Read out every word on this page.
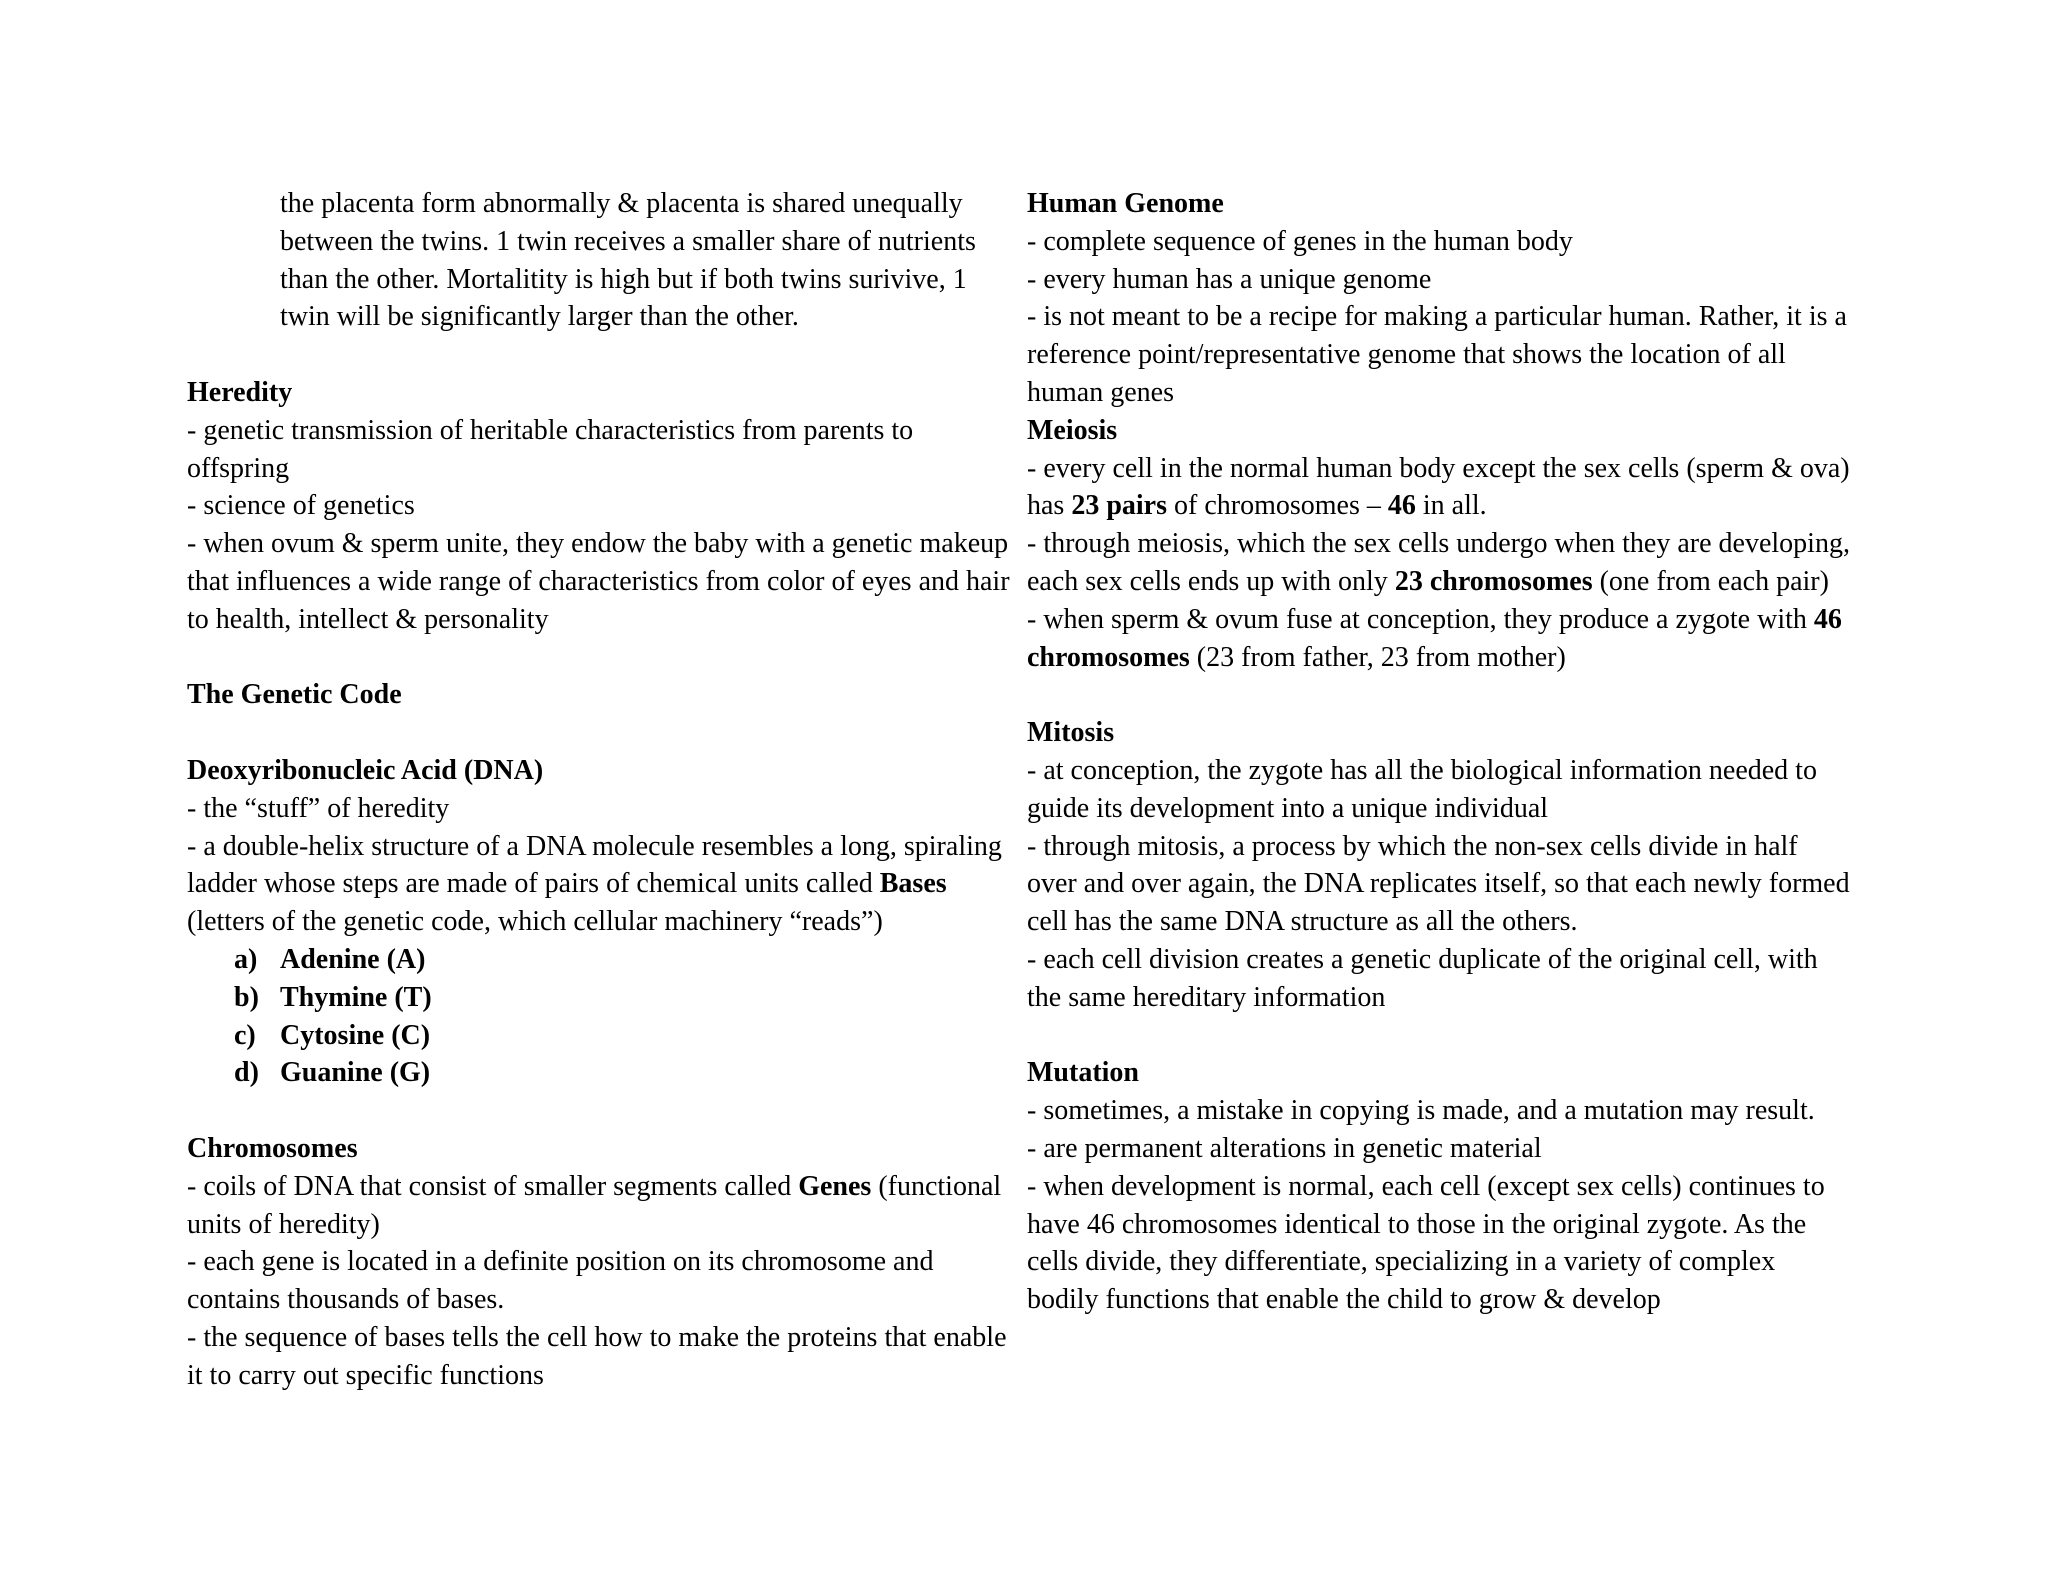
the placenta form abnormally & placenta is shared unequally
between the twins. 1 twin receives a smaller share of nutrients
than the other. Mortalitity is high but if both twins surivive, 1
twin will be significantly larger than the other.
Heredity
- genetic transmission of heritable characteristics from parents to
offspring
- science of genetics
- when ovum & sperm unite, they endow the baby with a genetic makeup
that influences a wide range of characteristics from color of eyes and hair
to health, intellect & personality
The Genetic Code
Deoxyribonucleic Acid (DNA)
- the “stuff” of heredity
- a double-helix structure of a DNA molecule resembles a long, spiraling
ladder whose steps are made of pairs of chemical units called Bases
(letters of the genetic code, which cellular machinery “reads”)
a) Adenine (A)
b) Thymine (T)
c) Cytosine (C)
d) Guanine (G)
Chromosomes
- coils of DNA that consist of smaller segments called Genes (functional
units of heredity)
- each gene is located in a definite position on its chromosome and
contains thousands of bases.
- the sequence of bases tells the cell how to make the proteins that enable
it to carry out specific functions
Human Genome
- complete sequence of genes in the human body
- every human has a unique genome
- is not meant to be a recipe for making a particular human. Rather, it is a
reference point/representative genome that shows the location of all
human genes
Meiosis
- every cell in the normal human body except the sex cells (sperm & ova)
has 23 pairs of chromosomes – 46 in all.
- through meiosis, which the sex cells undergo when they are developing,
each sex cells ends up with only 23 chromosomes (one from each pair)
- when sperm & ovum fuse at conception, they produce a zygote with 46
chromosomes (23 from father, 23 from mother)
Mitosis
- at conception, the zygote has all the biological information needed to
guide its development into a unique individual
- through mitosis, a process by which the non-sex cells divide in half
over and over again, the DNA replicates itself, so that each newly formed
cell has the same DNA structure as all the others.
- each cell division creates a genetic duplicate of the original cell, with
the same hereditary information
Mutation
- sometimes, a mistake in copying is made, and a mutation may result.
- are permanent alterations in genetic material
- when development is normal, each cell (except sex cells) continues to
have 46 chromosomes identical to those in the original zygote. As the
cells divide, they differentiate, specializing in a variety of complex
bodily functions that enable the child to grow & develop
